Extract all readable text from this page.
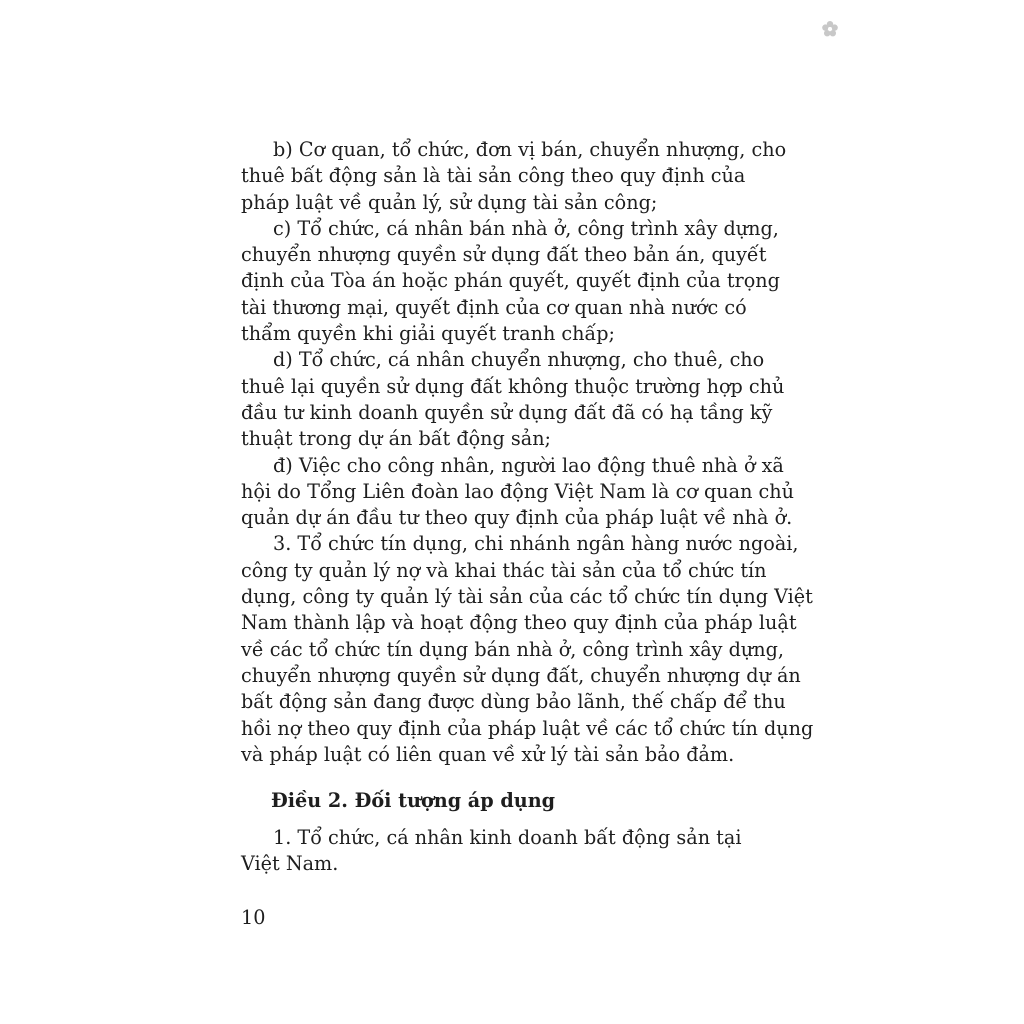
b) Cơ quan, tổ chức, đơn vị bán, chuyển nhượng, cho
thuê bất động sản là tài sản công theo quy định của
pháp luật về quản lý, sử dụng tài sản công;
c) Tổ chức, cá nhân bán nhà ở, công trình xây dựng,
chuyển nhượng quyền sử dụng đất theo bản án, quyết
định của Tòa án hoặc phán quyết, quyết định của trọng
tài thương mại, quyết định của cơ quan nhà nước có
thẩm quyền khi giải quyết tranh chấp;
d) Tổ chức, cá nhân chuyển nhượng, cho thuê, cho
thuê lại quyền sử dụng đất không thuộc trường hợp chủ
đầu tư kinh doanh quyền sử dụng đất đã có hạ tầng kỹ
thuật trong dự án bất động sản;
đ) Việc cho công nhân, người lao động thuê nhà ở xã
hội do Tổng Liên đoàn lao động Việt Nam là cơ quan chủ
quản dự án đầu tư theo quy định của pháp luật về nhà ở.
3. Tổ chức tín dụng, chi nhánh ngân hàng nước ngoài,
công ty quản lý nợ và khai thác tài sản của tổ chức tín
dụng, công ty quản lý tài sản của các tổ chức tín dụng Việt
Nam thành lập và hoạt động theo quy định của pháp luật
về các tổ chức tín dụng bán nhà ở, công trình xây dựng,
chuyển nhượng quyền sử dụng đất, chuyển nhượng dự án
bất động sản đang được dùng bảo lãnh, thế chấp để thu
hồi nợ theo quy định của pháp luật về các tổ chức tín dụng
và pháp luật có liên quan về xử lý tài sản bảo đảm.
Điều 2. Đối tượng áp dụng
1. Tổ chức, cá nhân kinh doanh bất động sản tại
Việt Nam.
10
